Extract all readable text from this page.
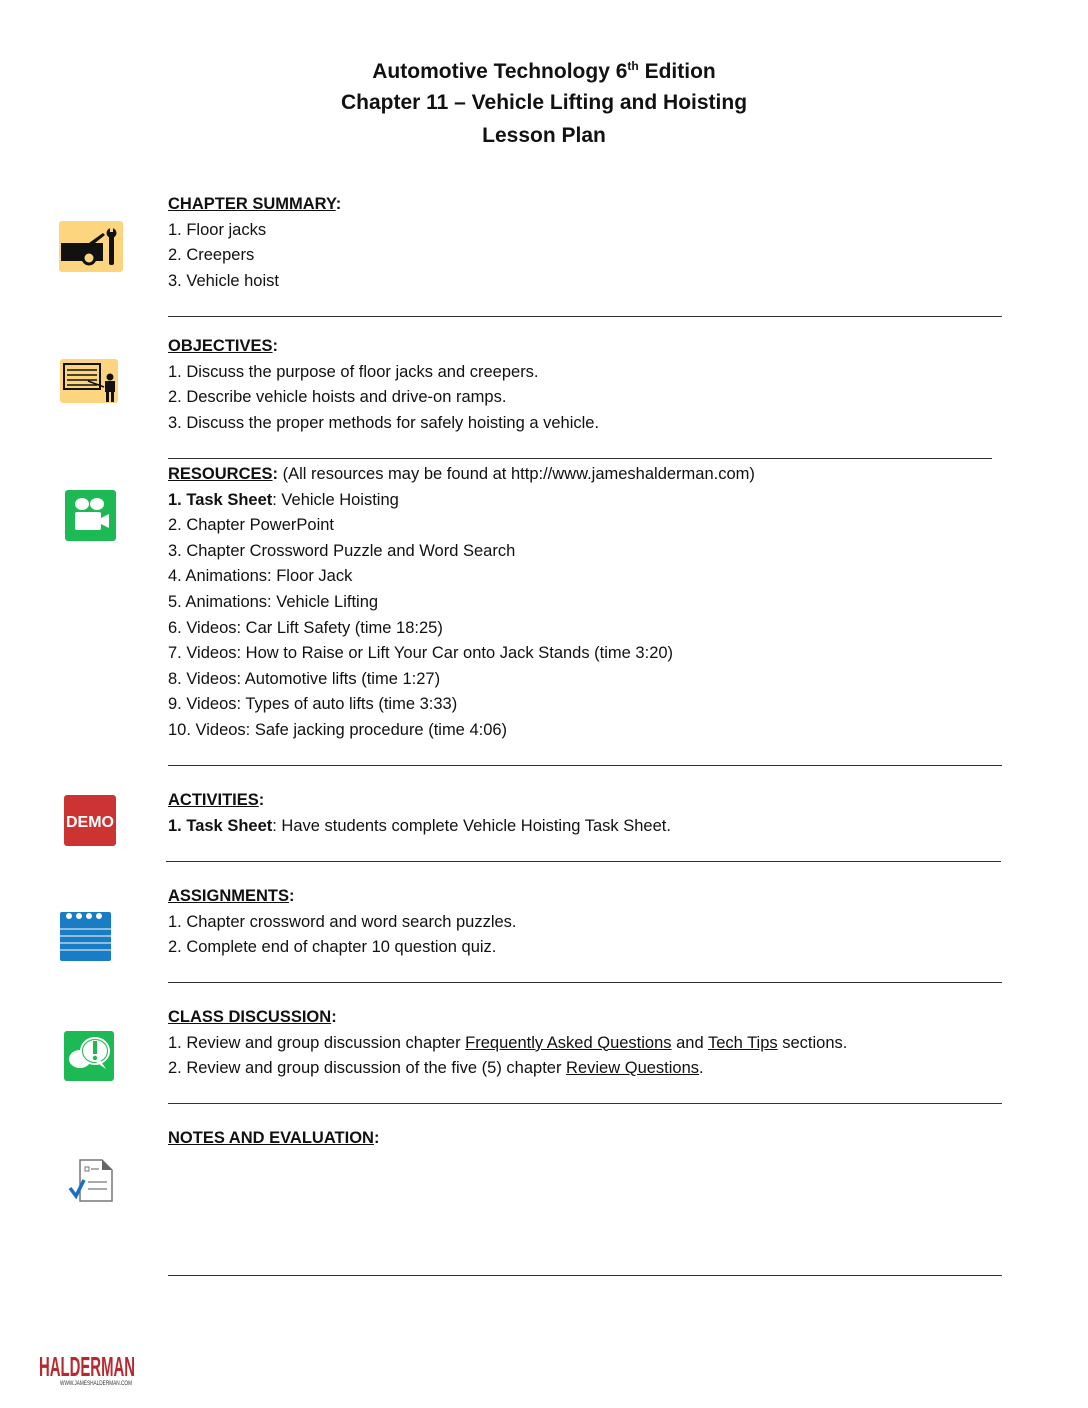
Automotive Technology 6th Edition
Chapter 11 – Vehicle Lifting and Hoisting
Lesson Plan
CHAPTER SUMMARY:
1. Floor jacks
2. Creepers
3. Vehicle hoist
OBJECTIVES:
1. Discuss the purpose of floor jacks and creepers.
2. Describe vehicle hoists and drive-on ramps.
3. Discuss the proper methods for safely hoisting a vehicle.
RESOURCES: (All resources may be found at http://www.jameshalderman.com)
1. Task Sheet: Vehicle Hoisting
2. Chapter PowerPoint
3. Chapter Crossword Puzzle and Word Search
4. Animations: Floor Jack
5. Animations: Vehicle Lifting
6. Videos: Car Lift Safety (time 18:25)
7. Videos: How to Raise or Lift Your Car onto Jack Stands (time 3:20)
8. Videos: Automotive lifts (time 1:27)
9. Videos: Types of auto lifts (time 3:33)
10. Videos: Safe jacking procedure (time 4:06)
DEMO
ACTIVITIES:
1. Task Sheet: Have students complete Vehicle Hoisting Task Sheet.
ASSIGNMENTS:
1. Chapter crossword and word search puzzles.
2. Complete end of chapter 10 question quiz.
CLASS DISCUSSION:
1. Review and group discussion chapter Frequently Asked Questions and Tech Tips sections.
2. Review and group discussion of the five (5) chapter Review Questions.
NOTES AND EVALUATION:
HALDERMAN
WWW.JAMESHALDERMAN.COM
